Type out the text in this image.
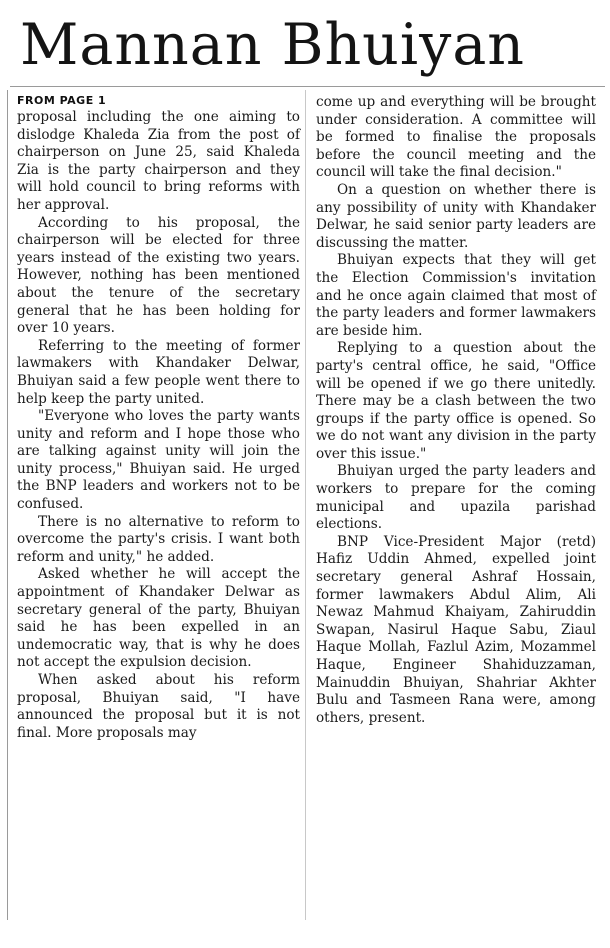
Mannan Bhuiyan
FROM PAGE 1

proposal including the one aiming to dislodge Khaleda Zia from the post of chairperson on June 25, said Khaleda Zia is the party chairperson and they will hold council to bring reforms with her approval.

According to his proposal, the chairperson will be elected for three years instead of the existing two years. However, nothing has been mentioned about the tenure of the secretary general that he has been holding for over 10 years.

Referring to the meeting of former lawmakers with Khandaker Delwar, Bhuiyan said a few people went there to help keep the party united.

"Everyone who loves the party wants unity and reform and I hope those who are talking against unity will join the unity process," Bhuiyan said. He urged the BNP leaders and workers not to be confused.

There is no alternative to reform to overcome the party's crisis. I want both reform and unity," he added.

Asked whether he will accept the appointment of Khandaker Delwar as secretary general of the party, Bhuiyan said he has been expelled in an undemocratic way, that is why he does not accept the expulsion decision.

When asked about his reform proposal, Bhuiyan said, "I have announced the proposal but it is not final. More proposals may

come up and everything will be brought under consideration. A committee will be formed to finalise the proposals before the council meeting and the council will take the final decision."

On a question on whether there is any possibility of unity with Khandaker Delwar, he said senior party leaders are discussing the matter.

Bhuiyan expects that they will get the Election Commission's invitation and he once again claimed that most of the party leaders and former lawmakers are beside him.

Replying to a question about the party's central office, he said, "Office will be opened if we go there unitedly. There may be a clash between the two groups if the party office is opened. So we do not want any division in the party over this issue."

Bhuiyan urged the party leaders and workers to prepare for the coming municipal and upazila parishad elections.

BNP Vice-President Major (retd) Hafiz Uddin Ahmed, expelled joint secretary general Ashraf Hossain, former lawmakers Abdul Alim, Ali Newaz Mahmud Khaiyam, Zahiruddin Swapan, Nasirul Haque Sabu, Ziaul Haque Mollah, Fazlul Azim, Mozammel Haque, Engineer Shahiduzzaman, Mainuddin Bhuiyan, Shahriar Akhter Bulu and Tasmeen Rana were, among others, present.
